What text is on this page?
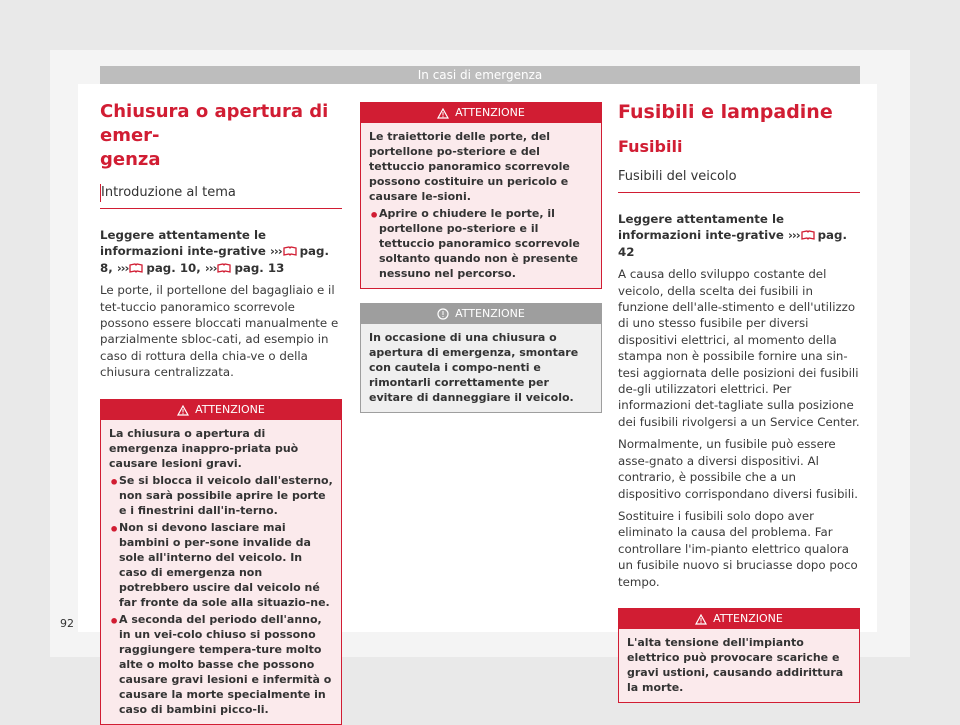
In casi di emergenza
Chiusura o apertura di emer-
genza
Introduzione al tema

Leggere attentamente le informazioni inte-grative ››› pag. 8, ››› pag. 10, ››› pag. 13

Le porte, il portellone del bagagliaio e il tet-tuccio panoramico scorrevole possono essere bloccati manualmente e parzialmente sbloc-cati, ad esempio in caso di rottura della chia-ve o della chiusura centralizzata.

ATTENZIONE

La chiusura o apertura di emergenza inappro-priata può causare lesioni gravi.

• Se si blocca il veicolo dall'esterno, non sarà possibile aprire le porte e i finestrini dall'in-terno.

• Non si devono lasciare mai bambini o per-sone invalide da sole all'interno del veicolo. In caso di emergenza non potrebbero uscire dal veicolo né far fronte da sole alla situazio-ne.

• A seconda del periodo dell'anno, in un vei-colo chiuso si possono raggiungere tempera-ture molto alte o molto basse che possono causare gravi lesioni e infermità o causare la morte specialmente in caso di bambini picco-li.

ATTENZIONE

Le traiettorie delle porte, del portellone po-steriore e del tettuccio panoramico scorrevole possono costituire un pericolo e causare le-sioni.

• Aprire o chiudere le porte, il portellone po-steriore e il tettuccio panoramico scorrevole soltanto quando non è presente nessuno nel percorso.

ATTENZIONE

In occasione di una chiusura o apertura di emergenza, smontare con cautela i compo-nenti e rimontarli correttamente per evitare di danneggiare il veicolo.

Fusibili e lampadine
Fusibili
Fusibili del veicolo

Leggere attentamente le informazioni inte-grative ››› pag. 42

A causa dello sviluppo costante del veicolo, della scelta dei fusibili in funzione dell'alle-stimento e dell'utilizzo di uno stesso fusibile per diversi dispositivi elettrici, al momento della stampa non è possibile fornire una sin-tesi aggiornata delle posizioni dei fusibili de-gli utilizzatori elettrici. Per informazioni det-tagliate sulla posizione dei fusibili rivolgersi a un Service Center.

Normalmente, un fusibile può essere asse-gnato a diversi dispositivi. Al contrario, è possibile che a un dispositivo corrispondano diversi fusibili.

Sostituire i fusibili solo dopo aver eliminato la causa del problema. Far controllare l'im-pianto elettrico qualora un fusibile nuovo si bruciasse dopo poco tempo.

ATTENZIONE

L'alta tensione dell'impianto elettrico può provocare scariche e gravi ustioni, causando addirittura la morte.

92
